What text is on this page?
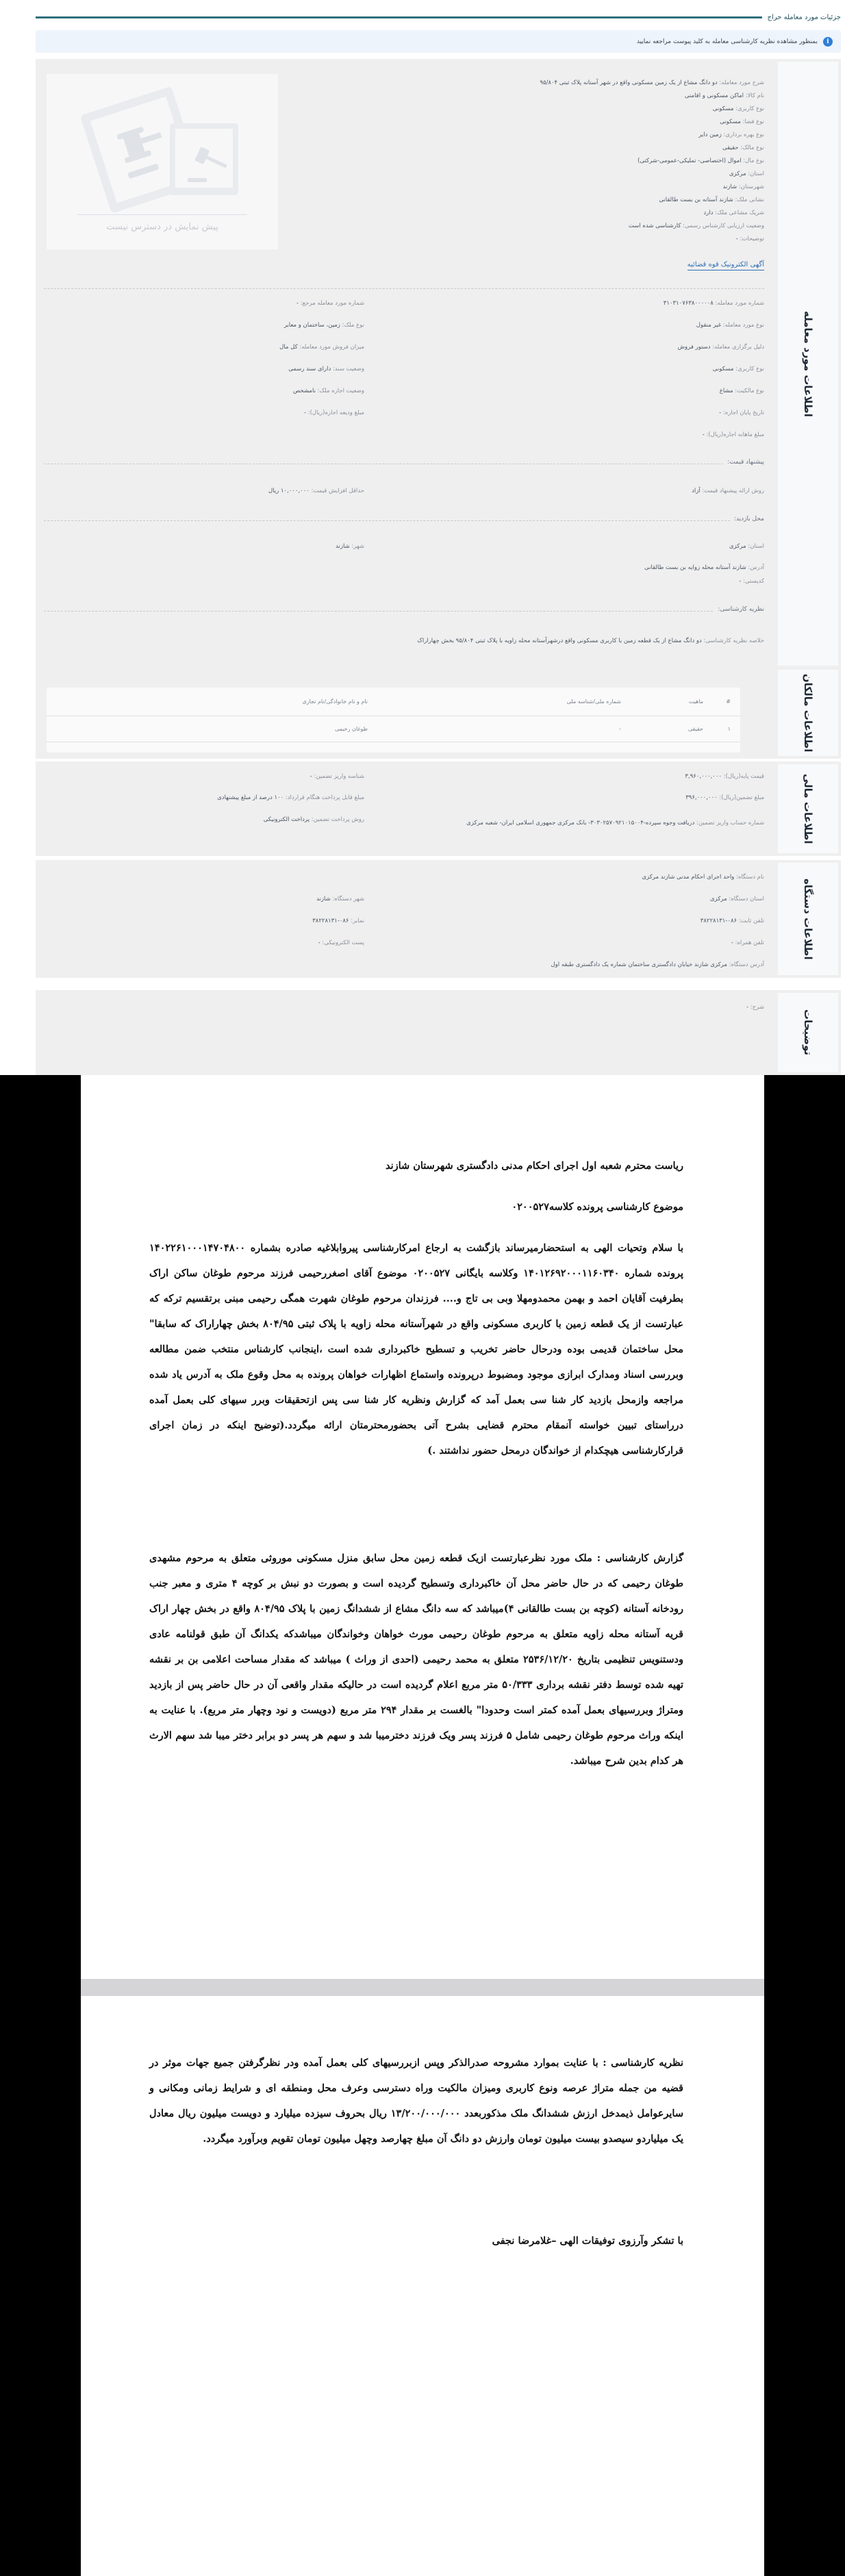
جزئیات مورد معامله حراج
i
بمنظور مشاهده نظریه کارشناسی معامله به کلید پیوست مراجعه نمایید
اطلاعات مورد معامله
پیش نمایش در دسترس نیست
شرح مورد معامله: دو دانگ مشاع از یک زمین مسکونی واقع در شهر آستانه پلاک ثبتی ۹۵/۸۰۴
نام کالا: اماکن مسکونی و اقامتی
نوع کاربری: مسکونی
نوع فضا: مسکونی
نوع بهره برداری: زمین دایر
نوع مالک: حقیقی
نوع مال: اموال (اختصاصی- تملیکی-عمومی-شرکتی)
استان: مرکزی
شهرستان: شازند
نشانی ملک: شازند آستانه بن بست طالقانی
شریک مشاعی ملک: دارد
وضعیت ارزیابی کارشناس رسمی: کارشناسی شده است
توضیحات: -
آگهی الکترونیک قوه قضائیه
شماره مورد معامله: ۳۱۰۳۱۰۷۶۳۸۰۰۰۰۰۸
نوع مورد معامله: غیر منقول
دلیل برگزاری معامله: دستور فروش
نوع کاربری: مسکونی
نوع مالکیت: مشاع
تاریخ پایان اجاره: -
مبلغ ماهانه اجاره(ریال): -
شماره مورد معامله مرجع: -
نوع ملک: زمین، ساختمان و معابر
میزان فروش مورد معامله: کل مال
وضعیت سند: دارای سند رسمی
وضعیت اجاره ملک: نامشخص
مبلغ ودیعه اجاره(ریال): -
پیشنهاد قیمت:
روش ارائه پیشنهاد قیمت: آزاد
حداقل افزایش قیمت: ۱۰,۰۰۰,۰۰۰ ریال
محل بازدید:
استان: مرکزی
شهر: شازند
آدرس: شازند آستانه محله زوایه بن بست طالقانی
کدپستی: -
نظریه کارشناسی:
خلاصه نظریه کارشناسی: دو دانگ مشاع از یک قطعه زمین با کاربری مسکونی واقع درشهرآستانه محله زاویه با پلاک ثبتی ۹۵/۸۰۴ بخش چهاراراک
اطلاعات مالکان
#	ماهیت	شماره ملی/شناسه ملی	نام و نام خانوادگی/نام تجاری
۱	حقیقی	-	طوغان رحیمی

اطلاعات مالی
قیمت پایه(ریال): ۳,۹۶۰,۰۰۰,۰۰۰
شناسه واریز تضمین: -
مبلغ تضمین(ریال): ۳۹۶,۰۰۰,۰۰۰
مبلغ قابل پرداخت هنگام قرارداد: ۱۰۰ درصد از مبلغ پیشنهادی
شماره حساب واریز تضمین: دریافت وجوه سپرده-۳۰۳۰۲۵۷۰۹۲۱۰۱۵۰۰۴- بانک مرکزی جمهوری اسلامی ایران- شعبه مرکزی
روش پرداخت تضمین: پرداخت الکترونیکی
اطلاعات دستگاه
نام دستگاه: واحد اجرای احکام مدنی شازند مرکزی
استان دستگاه: مرکزی
شهر دستگاه: شازند
تلفن ثابت: ۰۸۶-۳۸۲۲۸۱۳۱
نمابر: ۰۸۶-۳۸۲۲۸۱۳۱
تلفن همراه: -
پست الکترونیکی: -
آدرس دستگاه: مرکزی شازند خیابان دادگستری ساختمان شماره یک دادگستری طبقه اول
توضیحات
شرح: -
ریاست محترم شعبه اول اجرای احکام مدنی دادگستری شهرستان شازند
موضوع کارشناسی پرونده کلاسه۰۲۰۰۵۲۷
با سلام وتحیات الهی به استحضارمیرساند بازگشت به ارجاع امرکارشناسی پیروابلاغیه صادره بشماره ۱۴۰۲۲۶۱۰۰۰۱۴۷۰۴۸۰۰ پرونده شماره ۱۴۰۱۲۶۹۲۰۰۰۱۱۶۰۳۴۰ وکلاسه بایگانی ۰۲۰۰۵۲۷ موضوع آقای اصغررحیمی فرزند مرحوم طوغان ساکن اراک بطرفیت آقایان احمد و بهمن محمدومهلا وبی بی تاج و.... فرزندان مرحوم طوغان شهرت همگی رحیمی مبنی برتقسیم ترکه که عبارتست از یک قطعه زمین با کاربری مسکونی واقع در شهرآستانه محله زاویه با پلاک ثبتی ۸۰۴/۹۵ بخش چهاراراک که سابقا" محل ساختمان قدیمی بوده ودرحال حاضر تخریب و تسطیح خاکبرداری شده است ،اینجانب کارشناس منتخب ضمن مطالعه وبررسی اسناد ومدارک ابرازی موجود ومضبوط درپرونده واستماع اظهارات خواهان پرونده به محل وقوع ملک به آدرس یاد شده مراجعه وازمحل بازدید کار شنا سی بعمل آمد که گزارش ونظریه کار شنا سی پس ازتحقیقات وبرر سیهای کلی بعمل آمده درراستای تبیین خواسته آنمقام محترم قضایی بشرح آتی بحضورمحترمتان ارائه میگردد.(توضیح اینکه در زمان اجرای قرارکارشناسی هیچکدام از خواندگان درمحل حضور نداشتند .)
گزارش کارشناسی : ملک مورد نظرعبارتست ازیک قطعه زمین محل سابق منزل مسکونی موروثی متعلق به مرحوم مشهدی طوغان رحیمی که در حال حاضر محل آن خاکبرداری وتسطیح گردیده است و بصورت دو نبش بر کوچه ۴ متری و معبر جنب رودخانه آستانه (کوچه بن بست طالقانی ۴)میباشد که سه دانگ مشاع از ششدانگ زمین با پلاک ۸۰۴/۹۵ واقع در بخش چهار اراک قریه آستانه محله زاویه متعلق به مرحوم طوغان رحیمی مورث خواهان وخواندگان میباشدکه یکدانگ آن طبق قولنامه عادی ودستنویس تنظیمی بتاریخ ۲۵۳۶/۱۲/۲۰ متعلق به محمد رحیمی (احدی از وراث ) میباشد که مقدار مساحت اعلامی بن بر نقشه تهیه شده توسط دفتر نقشه برداری ۵۰/۳۳۳ متر مربع اعلام گردیده است در حالیکه مقدار واقعی آن در حال حاضر پس از بازدید ومتراژ وبررسیهای بعمل آمده کمتر است وحدودا" بالغست بر مقدار ۲۹۴ متر مربع (دویست و نود وچهار متر مربع). با عنایت به اینکه وراث مرحوم طوغان رحیمی شامل ۵ فرزند پسر ویک فرزند دخترمیبا شد و سهم هر پسر دو برابر دختر میبا شد سهم الارث هر کدام بدین شرح میباشد.
نظریه کارشناسی : با عنایت بموارد مشروحه صدرالذکر وپس ازبررسیهای کلی بعمل آمده ودر نظرگرفتن جمیع جهات موثر در قضیه من جمله متراژ عرصه ونوع کاربری ومیزان مالکیت وراه دسترسی وعرف محل ومنطقه ای و شرایط زمانی ومکانی و سایرعوامل ذیمدخل ارزش ششدانگ ملک مذکوربعدد ۱۳/۲۰۰/۰۰۰/۰۰۰ ریال بحروف سیزده میلیارد و دویست میلیون ریال معادل یک میلیاردو سیصدو بیست میلیون تومان وارزش دو دانگ آن مبلغ چهارصد وچهل میلیون تومان تقویم وبرآورد میگردد.
با تشکر وآرزوی توفیقات الهی –غلامرضا نجفی
